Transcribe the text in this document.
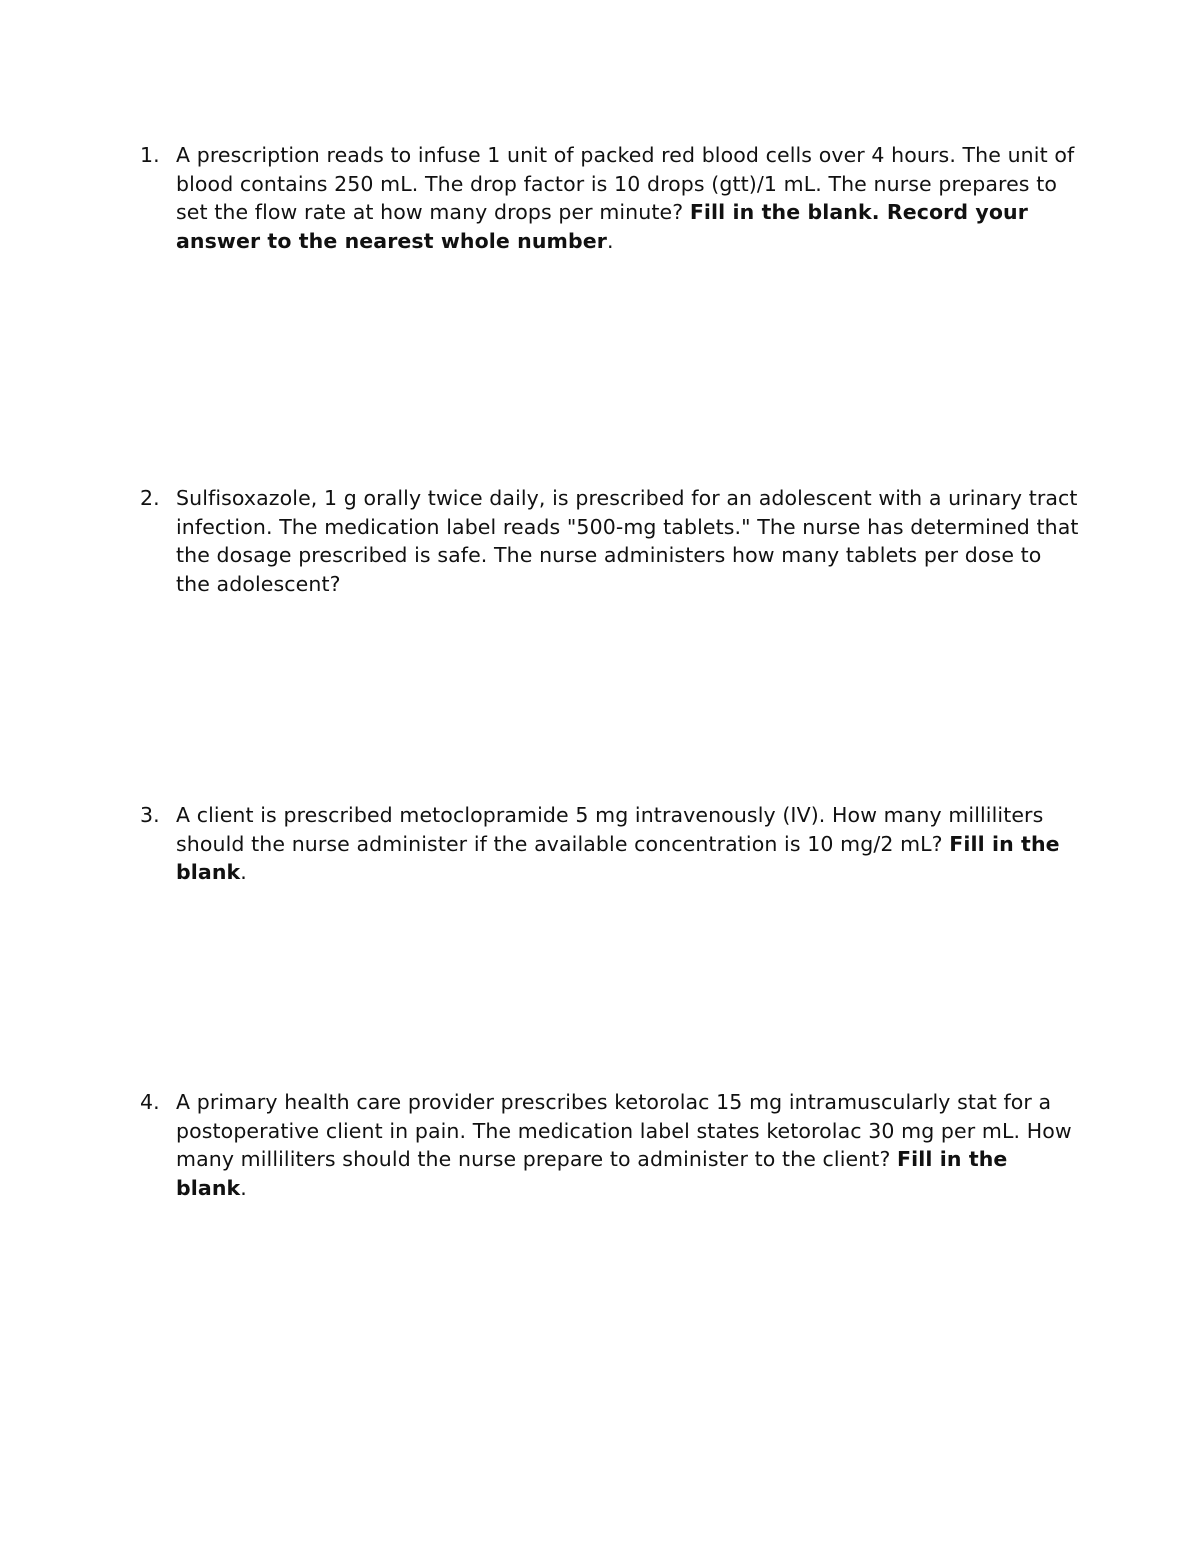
1. A prescription reads to infuse 1 unit of packed red blood cells over 4 hours. The unit of blood contains 250 mL. The drop factor is 10 drops (gtt)/1 mL. The nurse prepares to set the flow rate at how many drops per minute? Fill in the blank. Record your answer to the nearest whole number.
2. Sulfisoxazole, 1 g orally twice daily, is prescribed for an adolescent with a urinary tract infection. The medication label reads "500-mg tablets." The nurse has determined that the dosage prescribed is safe. The nurse administers how many tablets per dose to the adolescent?
3. A client is prescribed metoclopramide 5 mg intravenously (IV). How many milliliters should the nurse administer if the available concentration is 10 mg/2 mL? Fill in the blank.
4. A primary health care provider prescribes ketorolac 15 mg intramuscularly stat for a postoperative client in pain. The medication label states ketorolac 30 mg per mL. How many milliliters should the nurse prepare to administer to the client? Fill in the blank.
